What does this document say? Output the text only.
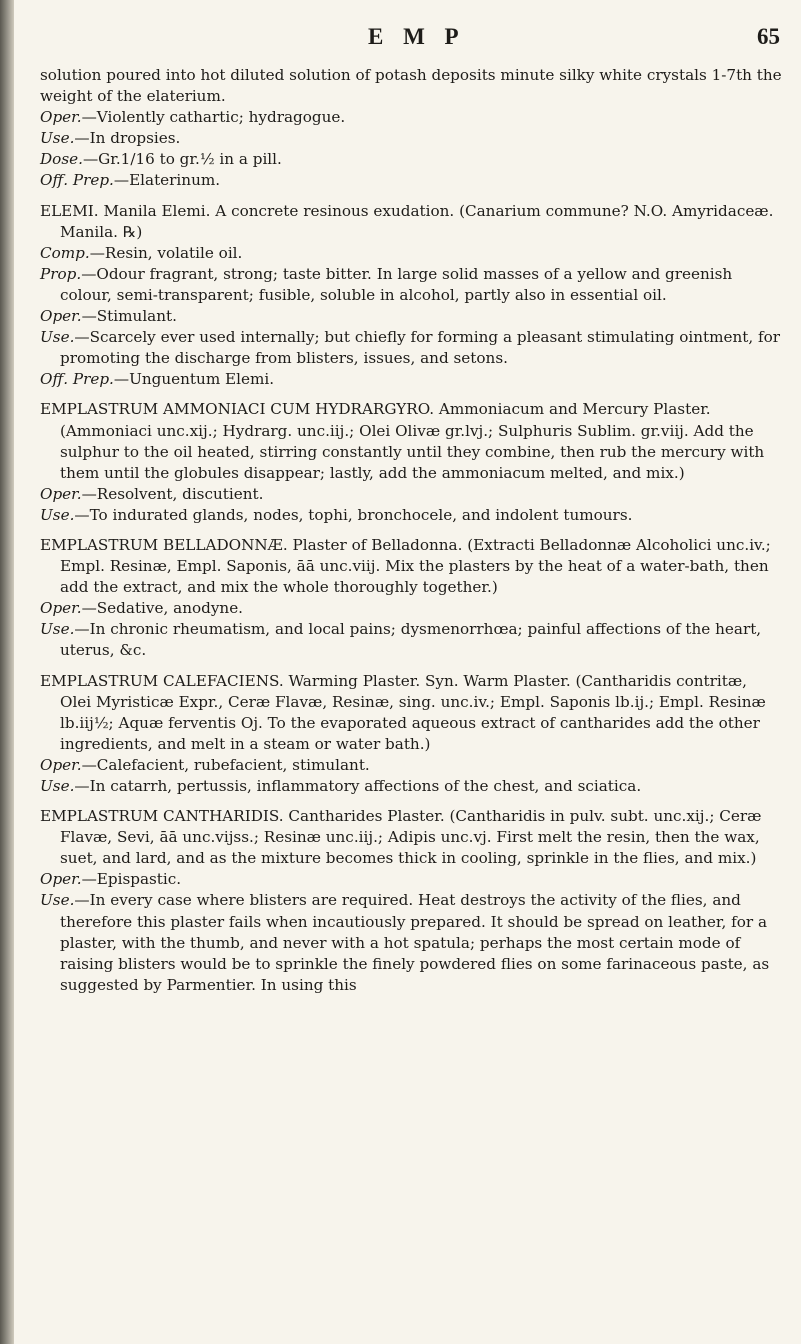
E M P	65

solution poured into hot diluted solution of potash deposits minute silky white crystals 1-7th the weight of the elaterium.

Oper.—Violently cathartic; hydragogue.

Use.—In dropsies.

Dose.—Gr.1/16 to gr.½ in a pill.

Off. Prep.—Elaterinum.

ELEMI. Manila Elemi. A concrete resinous exudation. (Canarium commune? N.O. Amyridaceæ. Manila. ℞)

Comp.—Resin, volatile oil.

Prop.—Odour fragrant, strong; taste bitter. In large solid masses of a yellow and greenish colour, semi-transparent; fusible, soluble in alcohol, partly also in essential oil.

Oper.—Stimulant.

Use.—Scarcely ever used internally; but chiefly for forming a pleasant stimulating ointment, for promoting the discharge from blisters, issues, and setons.

Off. Prep.—Unguentum Elemi.

EMPLASTRUM AMMONIACI CUM HYDRARGYRO. Ammoniacum and Mercury Plaster. (Ammoniaci unc.xij.; Hydrarg. unc.iij.; Olei Olivæ gr.lvj.; Sulphuris Sublim. gr.viij. Add the sulphur to the oil heated, stirring constantly until they combine, then rub the mercury with them until the globules disappear; lastly, add the ammoniacum melted, and mix.)

Oper.—Resolvent, discutient.

Use.—To indurated glands, nodes, tophi, bronchocele, and indolent tumours.

EMPLASTRUM BELLADONNÆ. Plaster of Belladonna. (Extracti Belladonnæ Alcoholici unc.iv.; Empl. Resinæ, Empl. Saponis, āā unc.viij. Mix the plasters by the heat of a water-bath, then add the extract, and mix the whole thoroughly together.)

Oper.—Sedative, anodyne.

Use.—In chronic rheumatism, and local pains; dysmenorrhœa; painful affections of the heart, uterus, &c.

EMPLASTRUM CALEFACIENS. Warming Plaster. Syn. Warm Plaster. (Cantharidis contritæ, Olei Myristicæ Expr., Ceræ Flavæ, Resinæ, sing. unc.iv.; Empl. Saponis lb.ij.; Empl. Resinæ lb.iij½; Aquæ ferventis Oj. To the evaporated aqueous extract of cantharides add the other ingredients, and melt in a steam or water bath.)

Oper.—Calefacient, rubefacient, stimulant.

Use.—In catarrh, pertussis, inflammatory affections of the chest, and sciatica.

EMPLASTRUM CANTHARIDIS. Cantharides Plaster. (Cantharidis in pulv. subt. unc.xij.; Ceræ Flavæ, Sevi, āā unc.vijss.; Resinæ unc.iij.; Adipis unc.vj. First melt the resin, then the wax, suet, and lard, and as the mixture becomes thick in cooling, sprinkle in the flies, and mix.)

Oper.—Epispastic.

Use.—In every case where blisters are required. Heat destroys the activity of the flies, and therefore this plaster fails when incautiously prepared. It should be spread on leather, for a plaster, with the thumb, and never with a hot spatula; perhaps the most certain mode of raising blisters would be to sprinkle the finely powdered flies on some farinaceous paste, as suggested by Parmentier. In using this
